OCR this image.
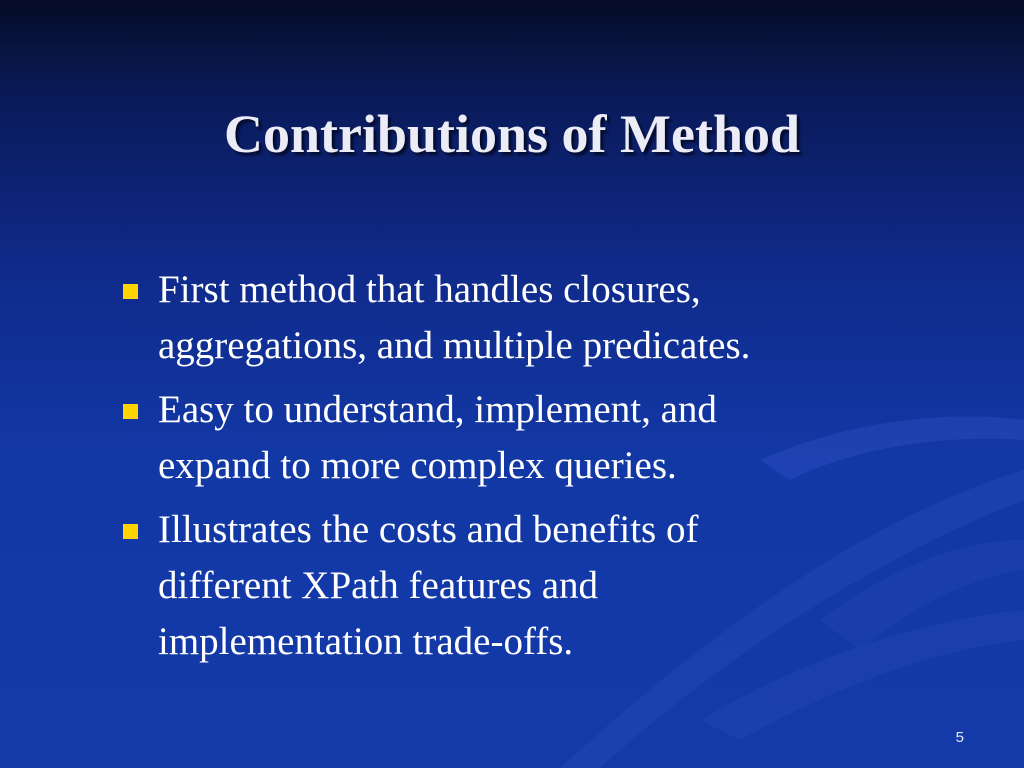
Contributions of Method
First method that handles closures, aggregations, and multiple predicates.
Easy to understand, implement, and expand to more complex queries.
Illustrates the costs and benefits of different XPath features and implementation trade-offs.
5
